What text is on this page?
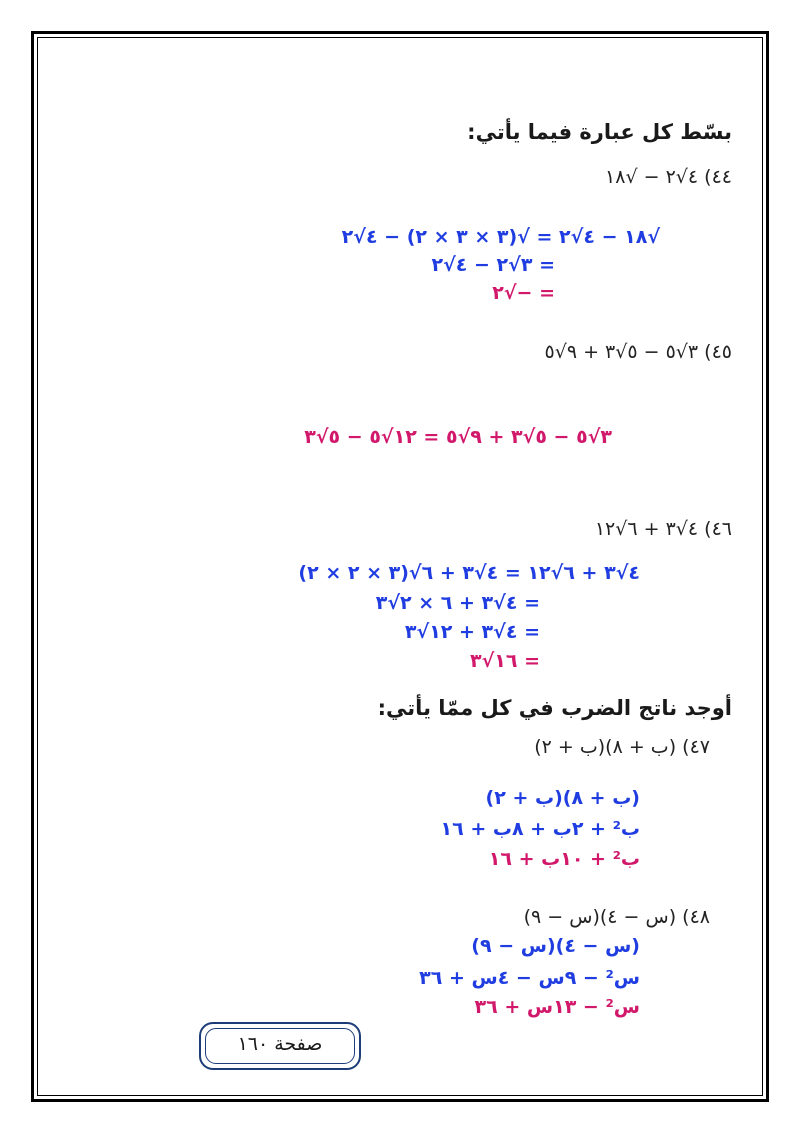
بسّط كل عبارة فيما يأتي:
٤٤) ٤√٢ − √١٨
√١٨ − ٤√٢ = √(٣ × ٣ × ٢) − ٤√٢
= ٣√٢ − ٤√٢
= −√٢
٤٥) ٣√٥ − ٥√٣ + ٩√٥
٣√٥ − ٥√٣ + ٩√٥ = ١٢√٥ − ٥√٣
٤٦) ٤√٣ + ٦√١٢
٤√٣ + ٦√١٢ = ٤√٣ + ٦√(٣ × ٢ × ٢)
= ٤√٣ + ٦ × ٢√٣
= ٤√٣ + ١٢√٣
= ١٦√٣
أوجد ناتج الضرب في كل ممّا يأتي:
٤٧) (ب + ٨)(ب + ٢)
(ب + ٨)(ب + ٢)
ب² + ٢ب + ٨ب + ١٦
ب² + ١٠ب + ١٦
٤٨) (س − ٤)(س − ٩)
(س − ٤)(س − ٩)
س² − ٩س − ٤س + ٣٦
س² − ١٣س + ٣٦
صفحة ١٦٠
